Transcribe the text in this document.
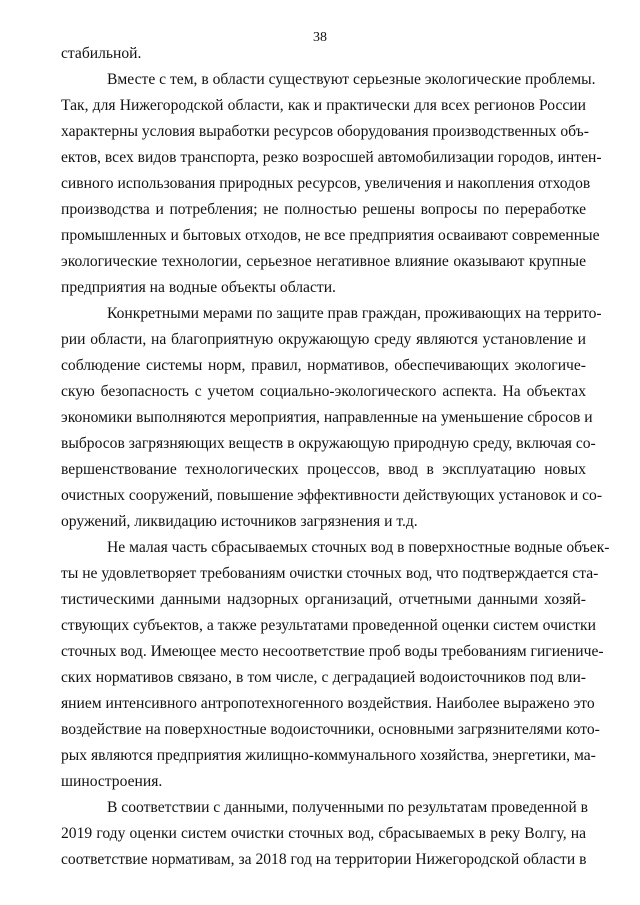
38
стабильной.
Вместе с тем, в области существуют серьезные экологические проблемы.
Так, для Нижегородской области, как и практически для всех регионов России
характерны условия выработки ресурсов оборудования производственных объ-
ектов, всех видов транспорта, резко возросшей автомобилизации городов, интен-
сивного использования природных ресурсов, увеличения и накопления отходов
производства и потребления; не полностью решены вопросы по переработке
промышленных и бытовых отходов, не все предприятия осваивают современные
экологические технологии, серьезное негативное влияние оказывают крупные
предприятия на водные объекты области.
Конкретными мерами по защите прав граждан, проживающих на террито-
рии области, на благоприятную окружающую среду являются установление и
соблюдение системы норм, правил, нормативов, обеспечивающих экологиче-
скую безопасность с учетом социально-экологического аспекта. На объектах
экономики выполняются мероприятия, направленные на уменьшение сбросов и
выбросов загрязняющих веществ в окружающую природную среду, включая со-
вершенствование технологических процессов, ввод в эксплуатацию новых
очистных сооружений, повышение эффективности действующих установок и со-
оружений, ликвидацию источников загрязнения и т.д.
Не малая часть сбрасываемых сточных вод в поверхностные водные объек-
ты не удовлетворяет требованиям очистки сточных вод, что подтверждается ста-
тистическими данными надзорных организаций, отчетными данными хозяй-
ствующих субъектов, а также результатами проведенной оценки систем очистки
сточных вод. Имеющее место несоответствие проб воды требованиям гигиениче-
ских нормативов связано, в том числе, с деградацией водоисточников под вли-
янием интенсивного антропотехногенного воздействия. Наиболее выражено это
воздействие на поверхностные водоисточники, основными загрязнителями кото-
рых являются предприятия жилищно-коммунального хозяйства, энергетики, ма-
шиностроения.
В соответствии с данными, полученными по результатам проведенной в
2019 году оценки систем очистки сточных вод, сбрасываемых в реку Волгу, на
соответствие нормативам, за 2018 год на территории Нижегородской области в
